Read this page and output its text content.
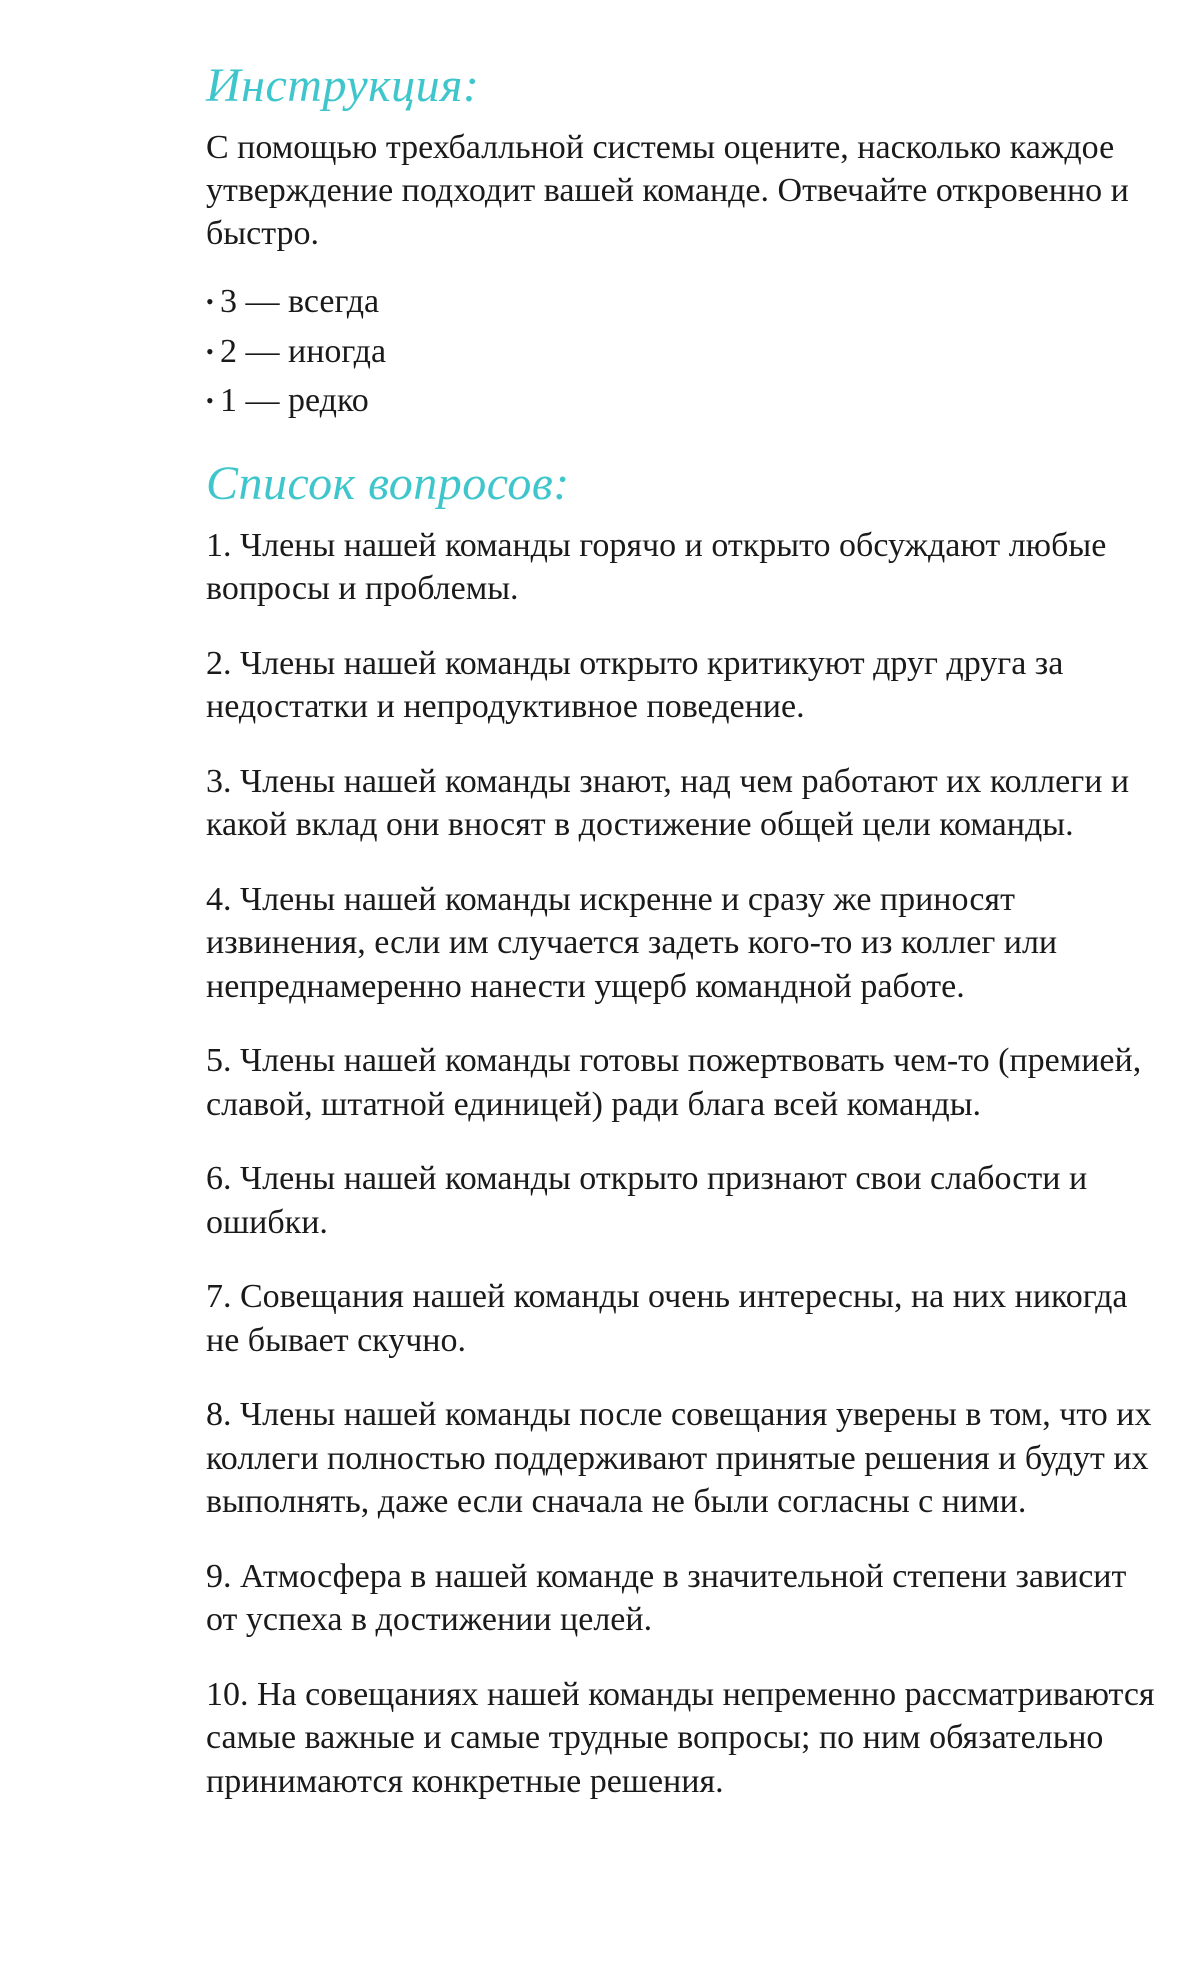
Инструкция:

С помощью трехбалльной системы оцените, насколько каждое утверждение подходит вашей команде. Отвечайте откровенно и быстро.

• 3 — всегда
• 2 — иногда
• 1 — редко
Список вопросов:
1. Члены нашей команды горячо и открыто обсуждают любые вопросы и проблемы.
2. Члены нашей команды открыто критикуют друг друга за недостатки и непродуктивное поведение.
3. Члены нашей команды знают, над чем работают их коллеги и какой вклад они вносят в достижение общей цели команды.
4. Члены нашей команды искренне и сразу же приносят извинения, если им случается задеть кого-то из коллег или непреднамеренно нанести ущерб командной работе.
5. Члены нашей команды готовы пожертвовать чем-то (премией, славой, штатной единицей) ради блага всей команды.
6. Члены нашей команды открыто признают свои слабости и ошибки.
7. Совещания нашей команды очень интересны, на них никогда не бывает скучно.
8. Члены нашей команды после совещания уверены в том, что их коллеги полностью поддерживают принятые решения и будут их выполнять, даже если сначала не были согласны с ними.
9. Атмосфера в нашей команде в значительной степени зависит от успеха в достижении целей.
10. На совещаниях нашей команды непременно рассматриваются самые важные и самые трудные вопросы; по ним обязательно принимаются конкретные решения.
